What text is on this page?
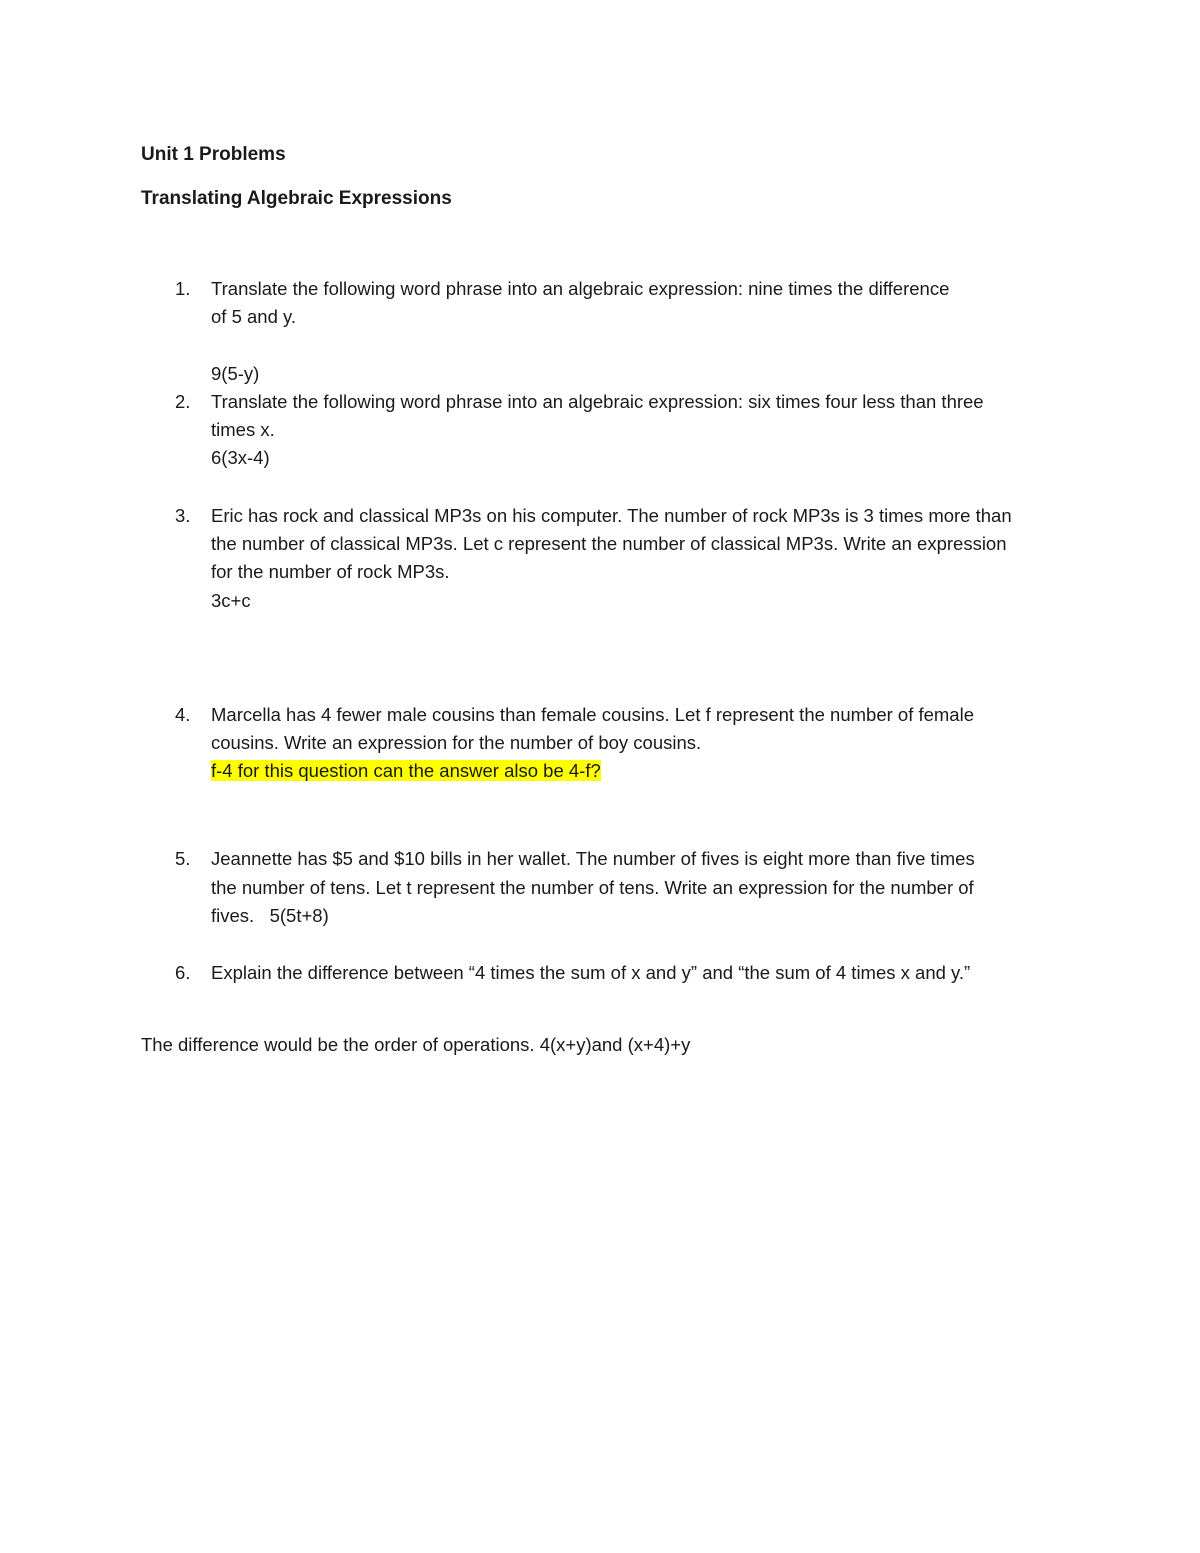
Unit 1 Problems
Translating Algebraic Expressions
1. Translate the following word phrase into an algebraic expression: nine times the difference
of 5 and y.
9(5-y)
2. Translate the following word phrase into an algebraic expression: six times four less than three
times x.
6(3x-4)
3. Eric has rock and classical MP3s on his computer. The number of rock MP3s is 3 times more than
the number of classical MP3s. Let c represent the number of classical MP3s. Write an expression
for the number of rock MP3s.
3c+c
4. Marcella has 4 fewer male cousins than female cousins. Let f represent the number of female
cousins. Write an expression for the number of boy cousins.
f-4 for this question can the answer also be 4-f?
5. Jeannette has $5 and $10 bills in her wallet. The number of fives is eight more than five times
the number of tens. Let t represent the number of tens. Write an expression for the number of
fives.   5(5t+8)
6. Explain the difference between “4 times the sum of x and y” and “the sum of 4 times x and y.”
The difference would be the order of operations. 4(x+y)and (x+4)+y
